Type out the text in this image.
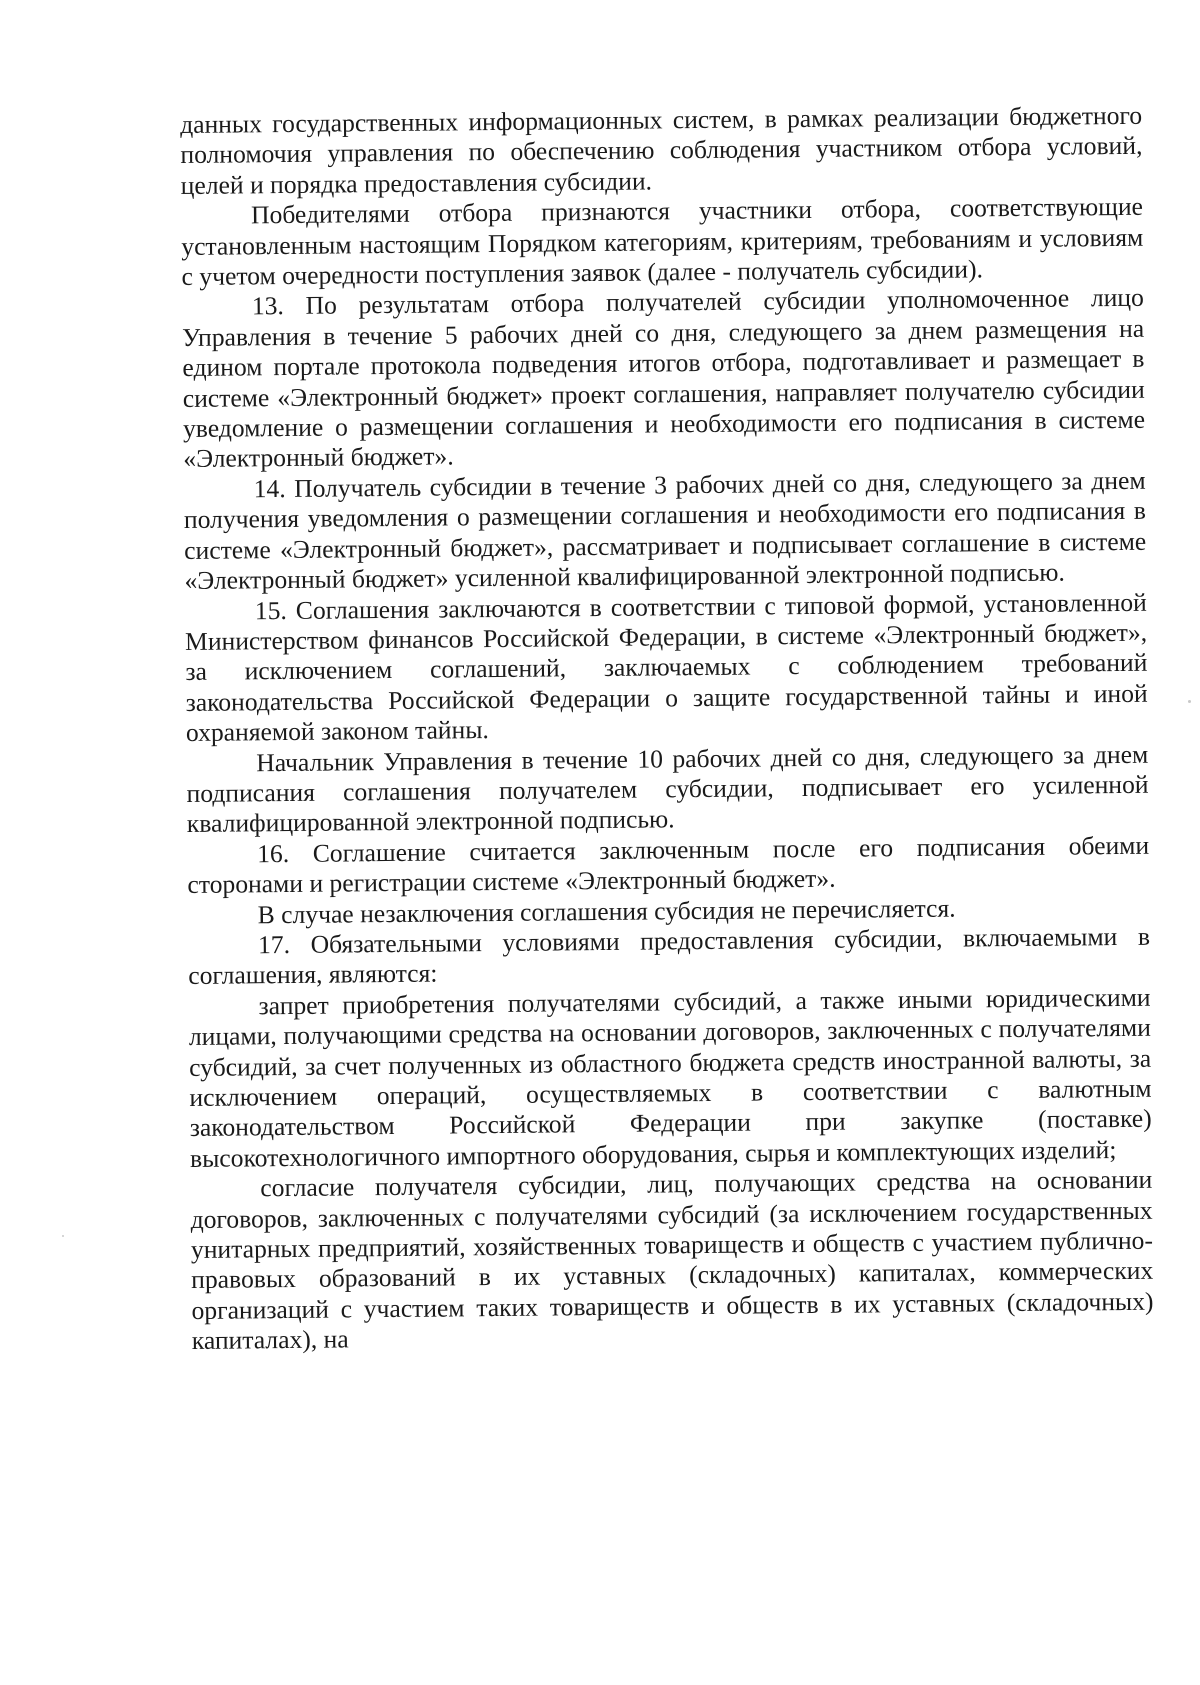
данных государственных информационных систем, в рамках реализации бюджетного полномочия управления по обеспечению соблюдения участником отбора условий, целей и порядка предоставления субсидии.

Победителями отбора признаются участники отбора, соответствующие установленным настоящим Порядком категориям, критериям, требованиям и условиям с учетом очередности поступления заявок (далее - получатель субсидии).

13. По результатам отбора получателей субсидии уполномоченное лицо Управления в течение 5 рабочих дней со дня, следующего за днем размещения на едином портале протокола подведения итогов отбора, подготавливает и размещает в системе «Электронный бюджет» проект соглашения, направляет получателю субсидии уведомление о размещении соглашения и необходимости его подписания в системе «Электронный бюджет».

14. Получатель субсидии в течение 3 рабочих дней со дня, следующего за днем получения уведомления о размещении соглашения и необходимости его подписания в системе «Электронный бюджет», рассматривает и подписывает соглашение в системе «Электронный бюджет» усиленной квалифицированной электронной подписью.

15. Соглашения заключаются в соответствии с типовой формой, установленной Министерством финансов Российской Федерации, в системе «Электронный бюджет», за исключением соглашений, заключаемых с соблюдением требований законодательства Российской Федерации о защите государственной тайны и иной охраняемой законом тайны.

Начальник Управления в течение 10 рабочих дней со дня, следующего за днем подписания соглашения получателем субсидии, подписывает его усиленной квалифицированной электронной подписью.

16. Соглашение считается заключенным после его подписания обеими сторонами и регистрации системе «Электронный бюджет».

В случае незаключения соглашения субсидия не перечисляется.

17. Обязательными условиями предоставления субсидии, включаемыми в соглашения, являются:

запрет приобретения получателями субсидий, а также иными юридическими лицами, получающими средства на основании договоров, заключенных с получателями субсидий, за счет полученных из областного бюджета средств иностранной валюты, за исключением операций, осуществляемых в соответствии с валютным законодательством Российской Федерации при закупке (поставке) высокотехнологичного импортного оборудования, сырья и комплектующих изделий;

согласие получателя субсидии, лиц, получающих средства на основании договоров, заключенных с получателями субсидий (за исключением государственных унитарных предприятий, хозяйственных товариществ и обществ с участием публично-правовых образований в их уставных (складочных) капиталах, коммерческих организаций с участием таких товариществ и обществ в их уставных (складочных) капиталах), на
